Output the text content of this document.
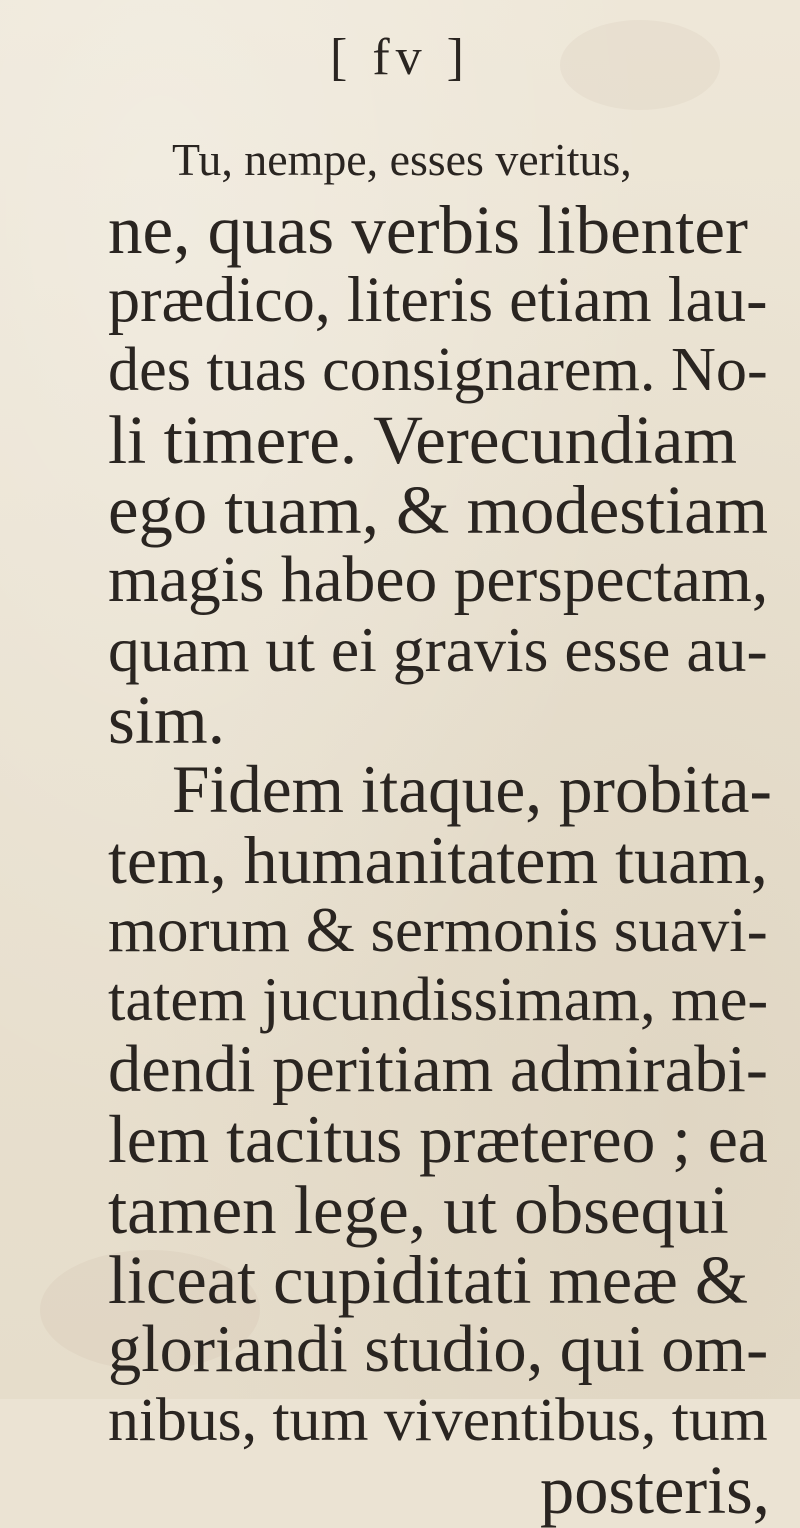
[ fv ]
Tu, nempe, esses veritus,
ne, quas verbis libenter
prædico, literis etiam lau-
des tuas consignarem. No-
li timere. Verecundiam
ego tuam, & modestiam
magis habeo perspectam,
quam ut ei gravis esse au-
sim.
Fidem itaque, probita-
tem, humanitatem tuam,
morum & sermonis suavi-
tatem jucundissimam, me-
dendi peritiam admirabi-
lem tacitus prætereo ; ea
tamen lege, ut obsequi
liceat cupiditati meæ &
gloriandi studio, qui om-
nibus, tum viventibus, tum
posteris,
